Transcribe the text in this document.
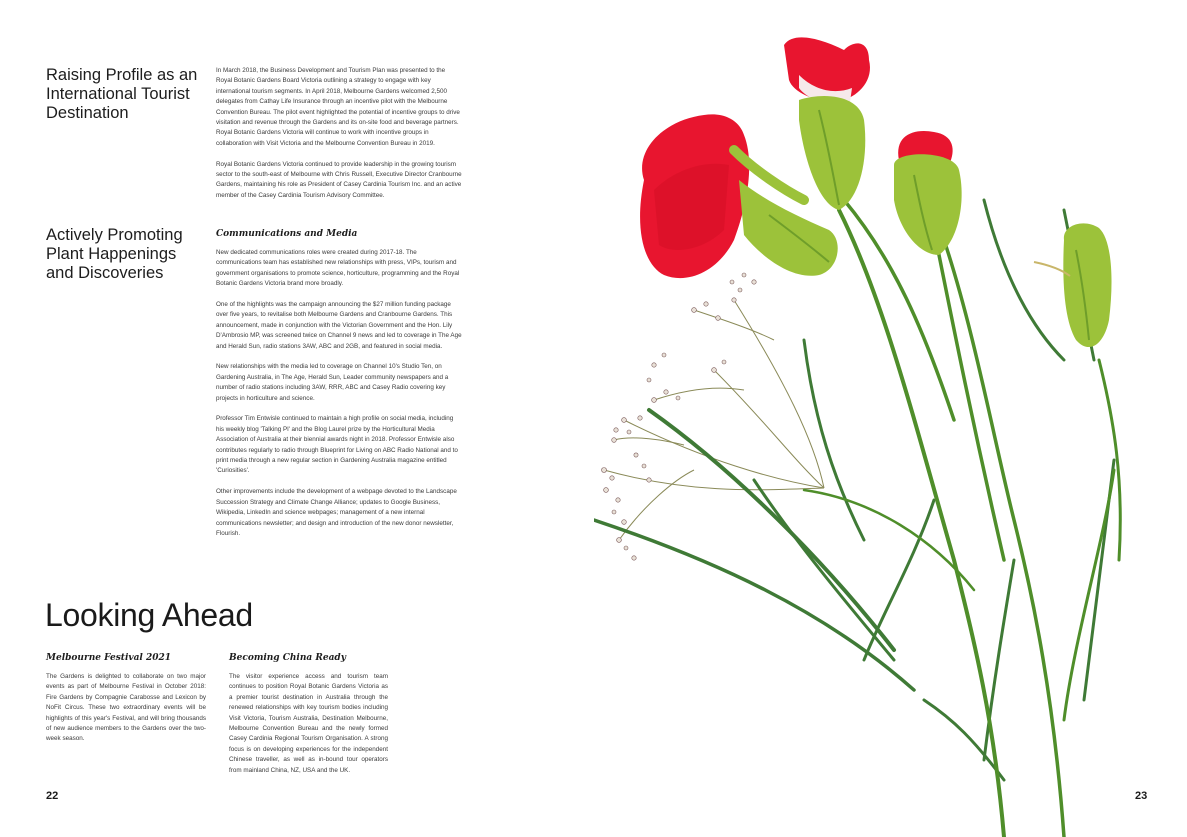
Raising Profile as an International Tourist Destination

In March 2018, the Business Development and Tourism Plan was presented to the Royal Botanic Gardens Board Victoria outlining a strategy to engage with key international tourism segments. In April 2018, Melbourne Gardens welcomed 2,500 delegates from Cathay Life Insurance through an incentive pilot with the Melbourne Convention Bureau. The pilot event highlighted the potential of incentive groups to drive visitation and revenue through the Gardens and its on-site food and beverage partners. Royal Botanic Gardens Victoria will continue to work with incentive groups in collaboration with Visit Victoria and the Melbourne Convention Bureau in 2019.

Royal Botanic Gardens Victoria continued to provide leadership in the growing tourism sector to the south-east of Melbourne with Chris Russell, Executive Director Cranbourne Gardens, maintaining his role as President of Casey Cardinia Tourism Inc. and an active member of the Casey Cardinia Tourism Advisory Committee.

Actively Promoting Plant Happenings and Discoveries
Communications and Media

New dedicated communications roles were created during 2017-18. The communications team has established new relationships with press, VIPs, tourism and government organisations to promote science, horticulture, programming and the Royal Botanic Gardens Victoria brand more broadly.

One of the highlights was the campaign announcing the $27 million funding package over five years, to revitalise both Melbourne Gardens and Cranbourne Gardens. This announcement, made in conjunction with the Victorian Government and the Hon. Lily D'Ambrosio MP, was screened twice on Channel 9 news and led to coverage in The Age and Herald Sun, radio stations 3AW, ABC and 2GB, and featured in social media.

New relationships with the media led to coverage on Channel 10's Studio Ten, on Gardening Australia, in The Age, Herald Sun, Leader community newspapers and a number of radio stations including 3AW, RRR, ABC and Casey Radio covering key projects in horticulture and science.

Professor Tim Entwisle continued to maintain a high profile on social media, including his weekly blog 'Talking Pl' and the Blog Laurel prize by the Horticultural Media Association of Australia at their biennial awards night in 2018. Professor Entwisle also contributes regularly to radio through Blueprint for Living on ABC Radio National and to print media through a new regular section in Gardening Australia magazine entitled 'Curiosities'.

Other improvements include the development of a webpage devoted to the Landscape Succession Strategy and Climate Change Alliance; updates to Google Business, Wikipedia, LinkedIn and science webpages; management of a new internal communications newsletter; and design and introduction of the new donor newsletter, Flourish.

Looking Ahead
Melbourne Festival 2021

The Gardens is delighted to collaborate on two major events as part of Melbourne Festival in October 2018: Fire Gardens by Compagnie Carabosse and Lexicon by NoFit Circus. These two extraordinary events will be highlights of this year's Festival, and will bring thousands of new audience members to the Gardens over the two-week season.

Becoming China Ready

The visitor experience access and tourism team continues to position Royal Botanic Gardens Victoria as a premier tourist destination in Australia through the renewed relationships with key tourism bodies including Visit Victoria, Tourism Australia, Destination Melbourne, Melbourne Convention Bureau and the newly formed Casey Cardinia Regional Tourism Organisation. A strong focus is on developing experiences for the independent Chinese traveller, as well as in-bound tour operators from mainland China, NZ, USA and the UK.

22	23
